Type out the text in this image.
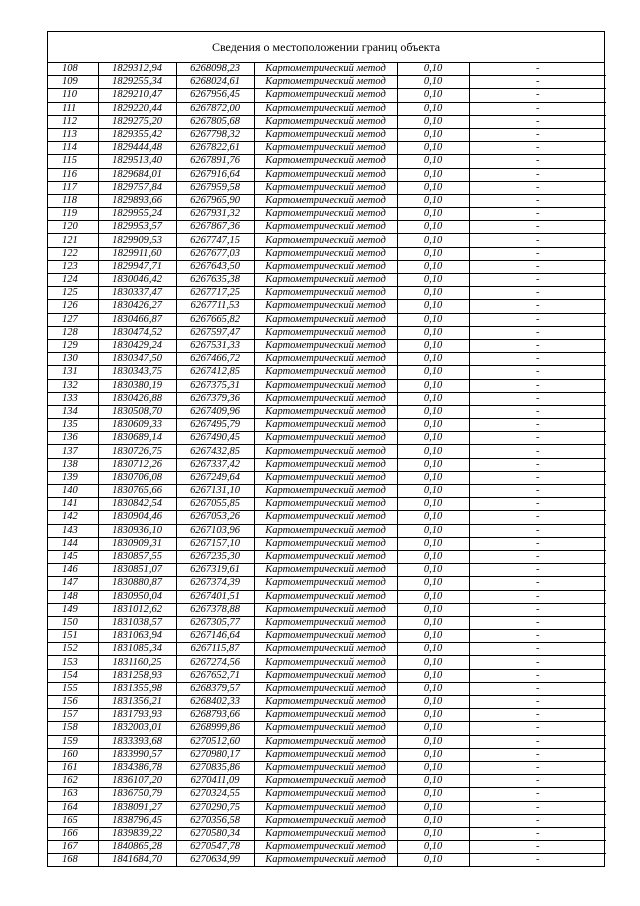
Сведения о местоположении границ объекта
108	1829312,94	6268098,23	Картометрический метод	0,10	-
109	1829255,34	6268024,61	Картометрический метод	0,10	-
110	1829210,47	6267956,45	Картометрический метод	0,10	-
111	1829220,44	6267872,00	Картометрический метод	0,10	-
112	1829275,20	6267805,68	Картометрический метод	0,10	-
113	1829355,42	6267798,32	Картометрический метод	0,10	-
114	1829444,48	6267822,61	Картометрический метод	0,10	-
115	1829513,40	6267891,76	Картометрический метод	0,10	-
116	1829684,01	6267916,64	Картометрический метод	0,10	-
117	1829757,84	6267959,58	Картометрический метод	0,10	-
118	1829893,66	6267965,90	Картометрический метод	0,10	-
119	1829955,24	6267931,32	Картометрический метод	0,10	-
120	1829953,57	6267867,36	Картометрический метод	0,10	-
121	1829909,53	6267747,15	Картометрический метод	0,10	-
122	1829911,60	6267677,03	Картометрический метод	0,10	-
123	1829947,71	6267643,50	Картометрический метод	0,10	-
124	1830046,42	6267635,38	Картометрический метод	0,10	-
125	1830337,47	6267717,25	Картометрический метод	0,10	-
126	1830426,27	6267711,53	Картометрический метод	0,10	-
127	1830466,87	6267665,82	Картометрический метод	0,10	-
128	1830474,52	6267597,47	Картометрический метод	0,10	-
129	1830429,24	6267531,33	Картометрический метод	0,10	-
130	1830347,50	6267466,72	Картометрический метод	0,10	-
131	1830343,75	6267412,85	Картометрический метод	0,10	-
132	1830380,19	6267375,31	Картометрический метод	0,10	-
133	1830426,88	6267379,36	Картометрический метод	0,10	-
134	1830508,70	6267409,96	Картометрический метод	0,10	-
135	1830609,33	6267495,79	Картометрический метод	0,10	-
136	1830689,14	6267490,45	Картометрический метод	0,10	-
137	1830726,75	6267432,85	Картометрический метод	0,10	-
138	1830712,26	6267337,42	Картометрический метод	0,10	-
139	1830706,08	6267249,64	Картометрический метод	0,10	-
140	1830765,66	6267131,10	Картометрический метод	0,10	-
141	1830842,54	6267055,85	Картометрический метод	0,10	-
142	1830904,46	6267053,26	Картометрический метод	0,10	-
143	1830936,10	6267103,96	Картометрический метод	0,10	-
144	1830909,31	6267157,10	Картометрический метод	0,10	-
145	1830857,55	6267235,30	Картометрический метод	0,10	-
146	1830851,07	6267319,61	Картометрический метод	0,10	-
147	1830880,87	6267374,39	Картометрический метод	0,10	-
148	1830950,04	6267401,51	Картометрический метод	0,10	-
149	1831012,62	6267378,88	Картометрический метод	0,10	-
150	1831038,57	6267305,77	Картометрический метод	0,10	-
151	1831063,94	6267146,64	Картометрический метод	0,10	-
152	1831085,34	6267115,87	Картометрический метод	0,10	-
153	1831160,25	6267274,56	Картометрический метод	0,10	-
154	1831258,93	6267652,71	Картометрический метод	0,10	-
155	1831355,98	6268379,57	Картометрический метод	0,10	-
156	1831356,21	6268402,33	Картометрический метод	0,10	-
157	1831793,93	6268793,66	Картометрический метод	0,10	-
158	1832003,01	6268999,86	Картометрический метод	0,10	-
159	1833393,68	6270512,60	Картометрический метод	0,10	-
160	1833990,57	6270980,17	Картометрический метод	0,10	-
161	1834386,78	6270835,86	Картометрический метод	0,10	-
162	1836107,20	6270411,09	Картометрический метод	0,10	-
163	1836750,79	6270324,55	Картометрический метод	0,10	-
164	1838091,27	6270290,75	Картометрический метод	0,10	-
165	1838796,45	6270356,58	Картометрический метод	0,10	-
166	1839839,22	6270580,34	Картометрический метод	0,10	-
167	1840865,28	6270547,78	Картометрический метод	0,10	-
168	1841684,70	6270634,99	Картометрический метод	0,10	-
